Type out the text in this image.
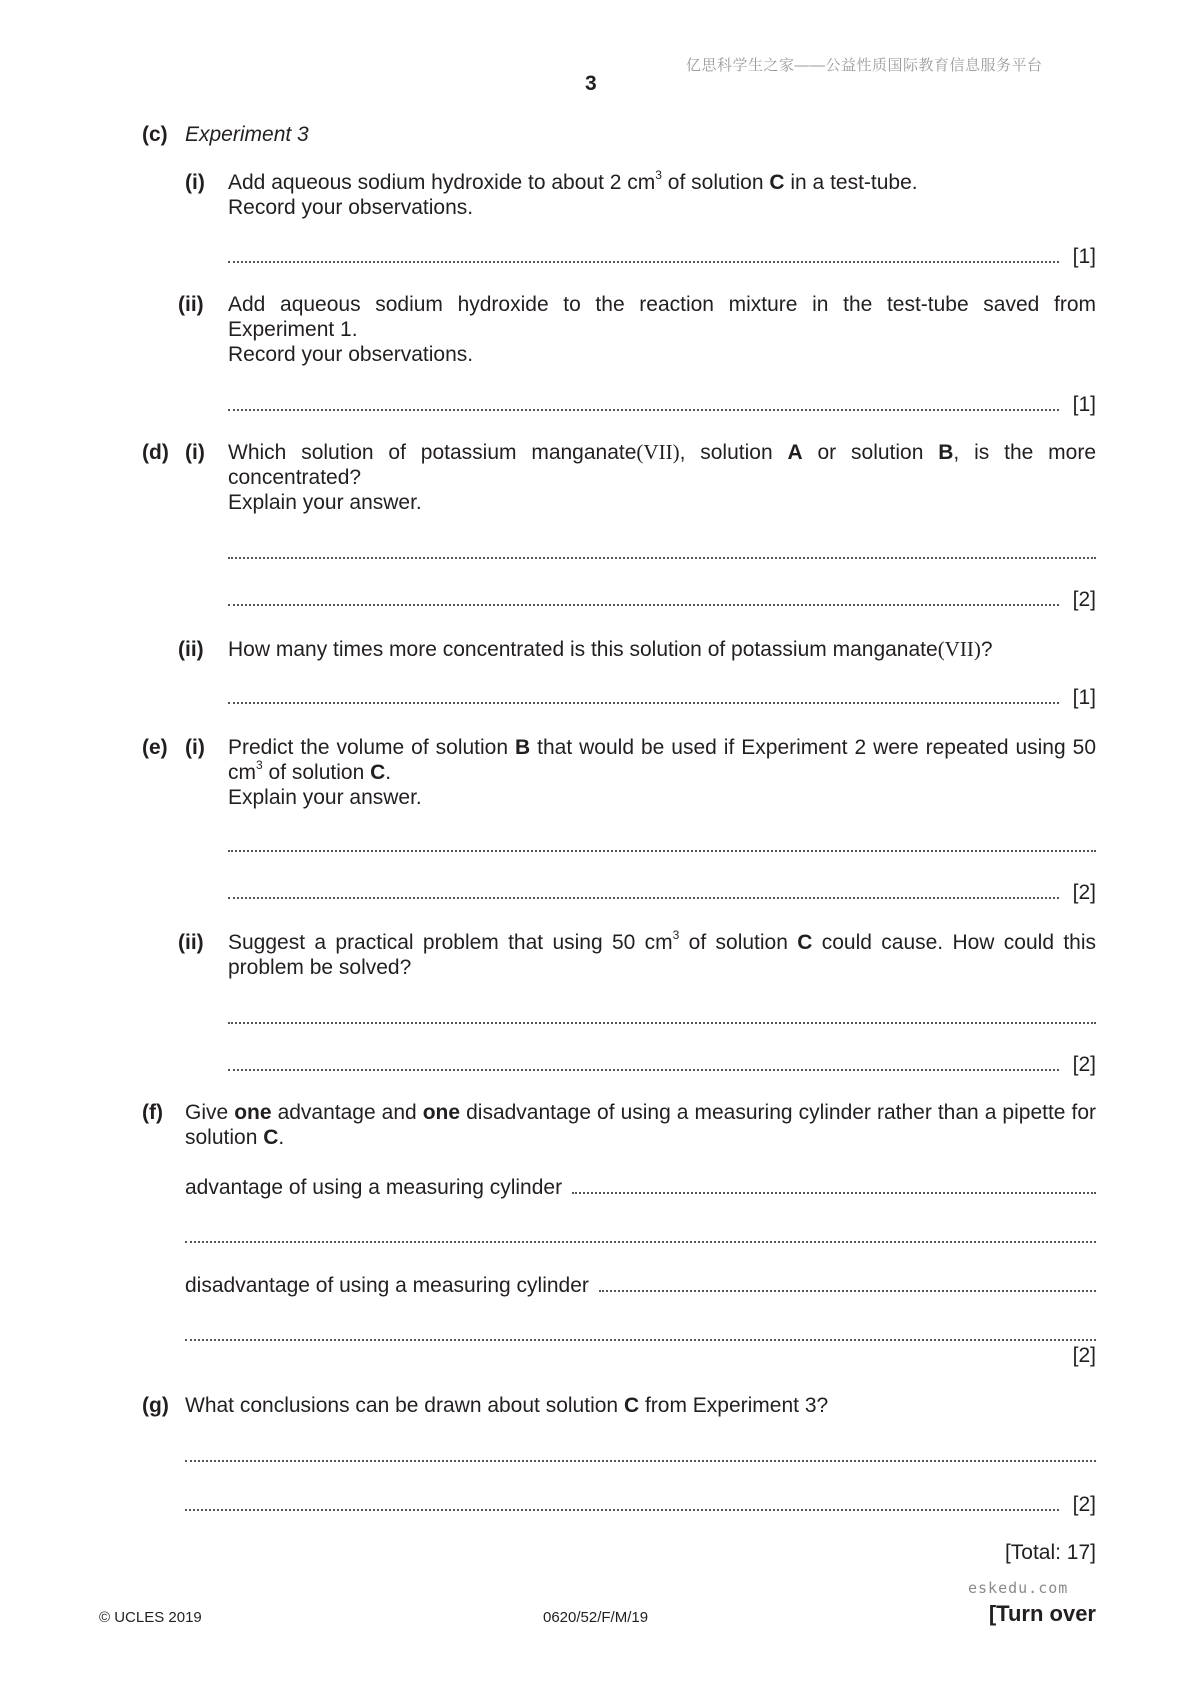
亿思科学生之家——公益性质国际教育信息服务平台
3
(c) Experiment 3
(i) Add aqueous sodium hydroxide to about 2 $cm^3$ of solution C in a test-tube.
Record your observations.
[1]
(ii) Add aqueous sodium hydroxide to the reaction mixture in the test-tube saved from Experiment 1.
Record your observations.
[1]
(d) (i) Which solution of potassium manganate(VII), solution A or solution B, is the more concentrated?
Explain your answer.
[2]
(ii) How many times more concentrated is this solution of potassium manganate(VII)?
[1]
(e) (i) Predict the volume of solution B that would be used if Experiment 2 were repeated using 50 $cm^3$ of solution C.
Explain your answer.
[2]
(ii) Suggest a practical problem that using 50 $cm^3$ of solution C could cause. How could this problem be solved?
[2]
(f) Give one advantage and one disadvantage of using a measuring cylinder rather than a pipette for solution C.
advantage of using a measuring cylinder
disadvantage of using a measuring cylinder
[2]
(g) What conclusions can be drawn about solution C from Experiment 3?
[2]
[Total: 17]
eskedu.com
© UCLES 2019	0620/52/F/M/19	[Turn over
